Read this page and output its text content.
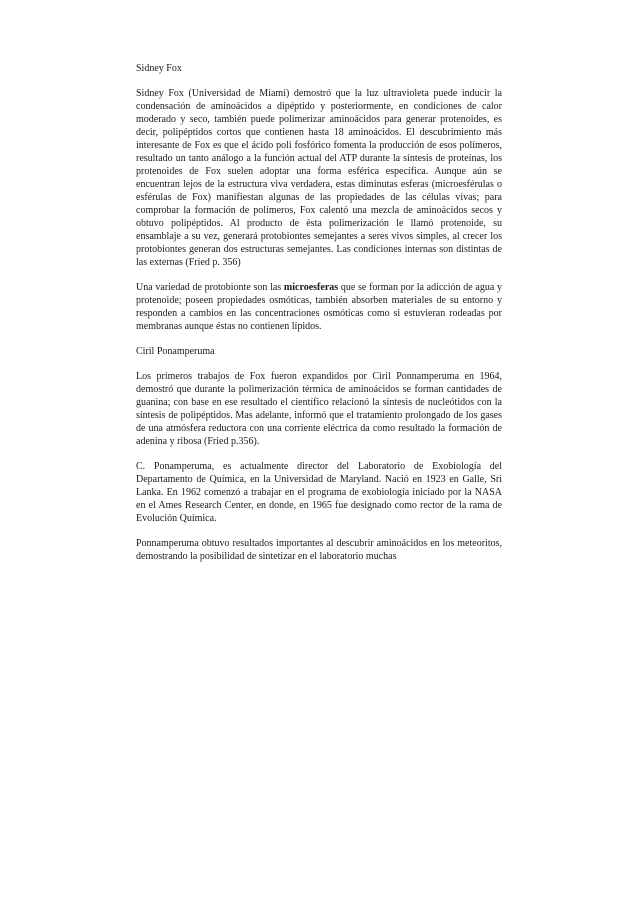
Sidney Fox

Sidney Fox (Universidad de Miami) demostró que la luz ultravioleta puede inducir la condensación de aminoácidos a dipéptido y posteriormente, en condiciones de calor moderado y seco, también puede polimerizar aminoácidos para generar protenoides, es decir, polipéptidos cortos que contienen hasta 18 aminoácidos. El descubrimiento más interesante de Fox es que el ácido poli fosfórico fomenta la producción de esos polímeros, resultado un tanto análogo a la función actual del ATP durante la síntesis de proteínas, los protenoides de Fox suelen adoptar una forma esférica específica. Aunque aún se encuentran lejos de la estructura viva verdadera, estas diminutas esferas (microesférulas o esférulas de Fox) manifiestan algunas de las propiedades de las células vivas; para comprobar la formación de polímeros, Fox calentó una mezcla de aminoácidos secos y obtuvo polipéptidos. Al producto de ésta polimerización le llamó protenoide, su ensamblaje a su vez, generará protobiontes semejantes a seres vivos simples, al crecer los protobiontes generan dos estructuras semejantes. Las condiciones internas son distintas de las externas (Fried p. 356)

Una variedad de protobionte son las microesferas que se forman por la adicción de agua y protenoide; poseen propiedades osmóticas, también absorben materiales de su entorno y responden a cambios en las concentraciones osmóticas como si estuvieran rodeadas por membranas aunque éstas no contienen lípidos.

Ciril Ponamperuma

Los primeros trabajos de Fox fueron expandidos por Ciril Ponnamperuma en 1964, demostró que durante la polimerización térmica de aminoácidos se forman cantidades de guanina; con base en ese resultado el científico relacionó la síntesis de nucleótidos con la síntesis de polipéptidos. Mas adelante, informó que el tratamiento prolongado de los gases de una atmósfera reductora con una corriente eléctrica da como resultado la formación de adenina y ribosa (Fried p.356).

C. Ponamperuma, es actualmente director del Laboratorio de Exobiología del Departamento de Química, en la Universidad de Maryland. Nació en 1923 en Galle, Sri Lanka. En 1962 comenzó a trabajar en el programa de exobiología iniciado por la NASA en el Ames Research Center, en donde, en 1965 fue designado como rector de la rama de Evolución Química.

Ponnamperuma obtuvo resultados importantes al descubrir aminoácidos en los meteoritos, demostrando la posibilidad de sintetizar en el laboratorio muchas
